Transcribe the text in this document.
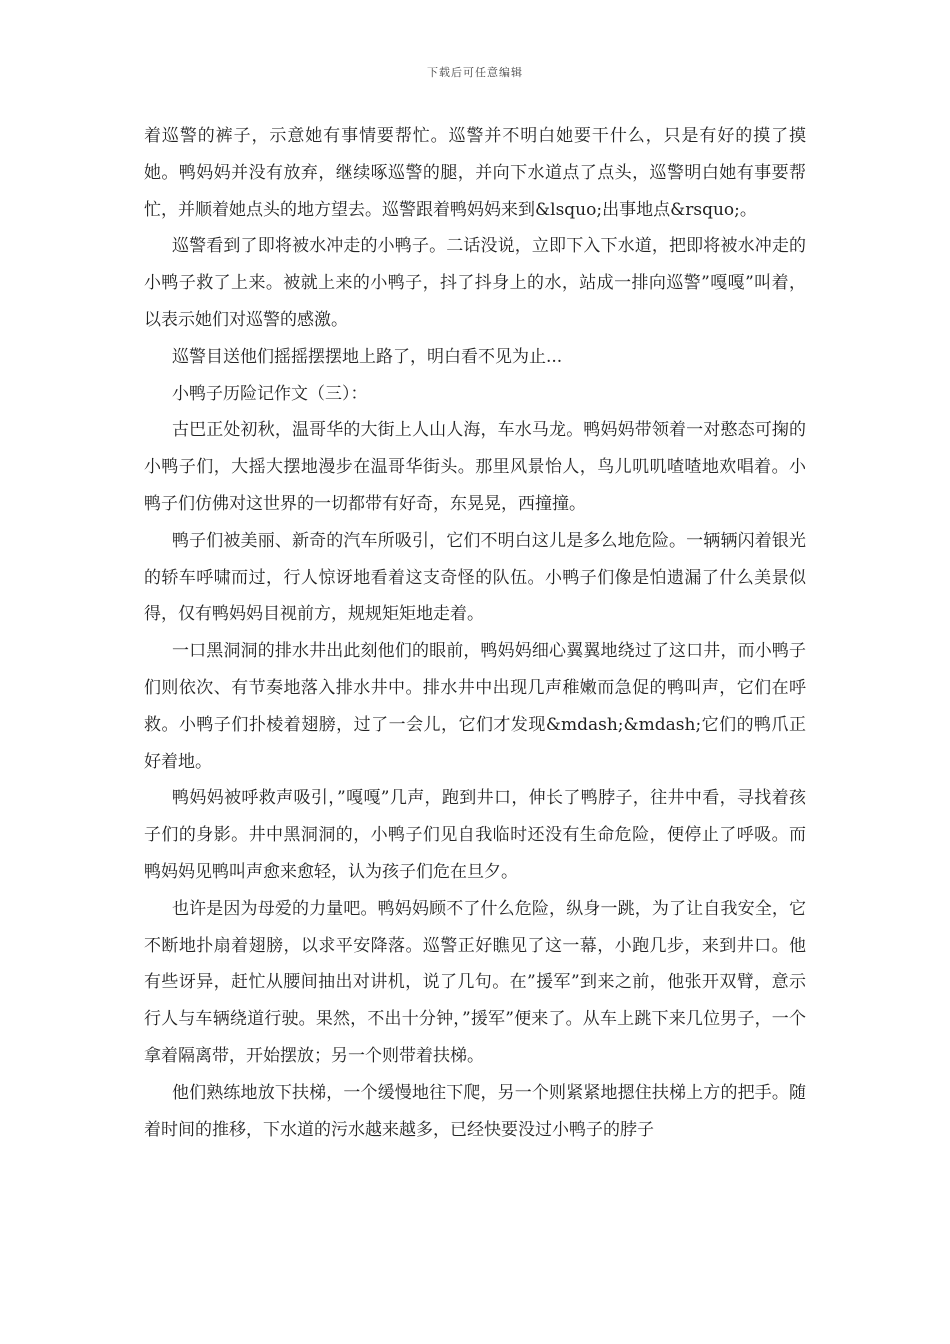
下载后可任意编辑

着巡警的裤子，示意她有事情要帮忙。巡警并不明白她要干什么，只是有好的摸了摸她。鸭妈妈并没有放弃，继续啄巡警的腿，并向下水道点了点头，巡警明白她有事要帮忙，并顺着她点头的地方望去。巡警跟着鸭妈妈来到&lsquo;出事地点&rsquo;。

巡警看到了即将被水冲走的小鸭子。二话没说，立即下入下水道，把即将被水冲走的小鸭子救了上来。被就上来的小鸭子，抖了抖身上的水，站成一排向巡警”嘎嘎”叫着，以表示她们对巡警的感激。

巡警目送他们摇摇摆摆地上路了，明白看不见为止...

小鸭子历险记作文（三）：

古巴正处初秋，温哥华的大街上人山人海，车水马龙。鸭妈妈带领着一对憨态可掬的小鸭子们，大摇大摆地漫步在温哥华街头。那里风景怡人，鸟儿叽叽喳喳地欢唱着。小鸭子们仿佛对这世界的一切都带有好奇，东晃晃，西撞撞。

鸭子们被美丽、新奇的汽车所吸引，它们不明白这儿是多么地危险。一辆辆闪着银光的轿车呼啸而过，行人惊讶地看着这支奇怪的队伍。小鸭子们像是怕遗漏了什么美景似得，仅有鸭妈妈目视前方，规规矩矩地走着。

一口黑洞洞的排水井出此刻他们的眼前，鸭妈妈细心翼翼地绕过了这口井，而小鸭子们则依次、有节奏地落入排水井中。排水井中出现几声稚嫩而急促的鸭叫声，它们在呼救。小鸭子们扑棱着翅膀，过了一会儿，它们才发现&mdash;&mdash;它们的鸭爪正好着地。

鸭妈妈被呼救声吸引，”嘎嘎”几声，跑到井口，伸长了鸭脖子，往井中看，寻找着孩子们的身影。井中黑洞洞的，小鸭子们见自我临时还没有生命危险，便停止了呼吸。而鸭妈妈见鸭叫声愈来愈轻，认为孩子们危在旦夕。

也许是因为母爱的力量吧。鸭妈妈顾不了什么危险，纵身一跳，为了让自我安全，它不断地扑扇着翅膀，以求平安降落。巡警正好瞧见了这一幕，小跑几步，来到井口。他有些讶异，赶忙从腰间抽出对讲机，说了几句。在”援军”到来之前，他张开双臂，意示行人与车辆绕道行驶。果然，不出十分钟，”援军”便来了。从车上跳下来几位男子，一个拿着隔离带，开始摆放；另一个则带着扶梯。

他们熟练地放下扶梯，一个缓慢地往下爬，另一个则紧紧地摁住扶梯上方的把手。随着时间的推移，下水道的污水越来越多，已经快要没过小鸭子的脖子
